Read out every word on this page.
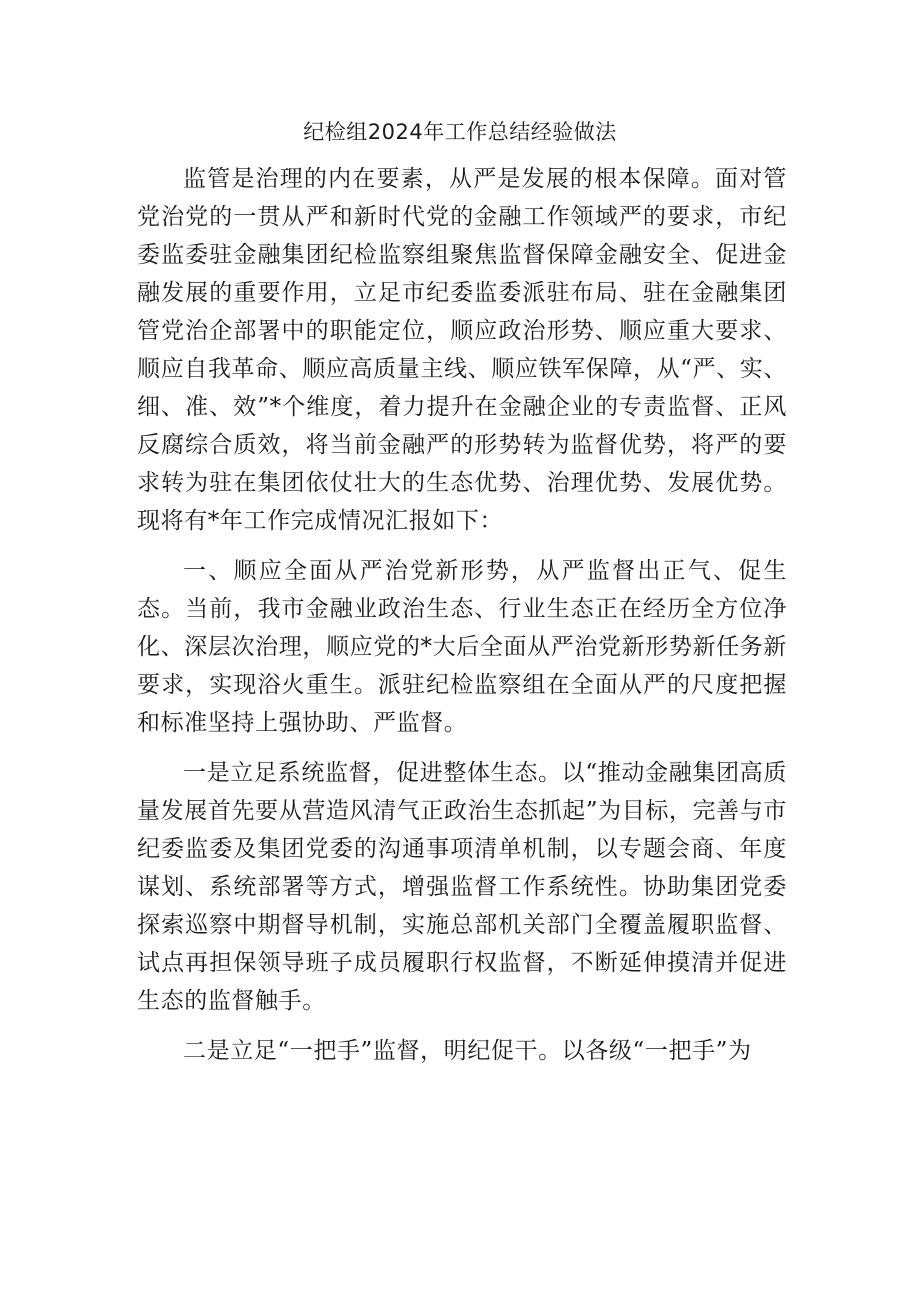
纪检组2024年工作总结经验做法

监管是治理的内在要素，从严是发展的根本保障。面对管党治党的一贯从严和新时代党的金融工作领域严的要求，市纪委监委驻金融集团纪检监察组聚焦监督保障金融安全、促进金融发展的重要作用，立足市纪委监委派驻布局、驻在金融集团管党治企部署中的职能定位，顺应政治形势、顺应重大要求、顺应自我革命、顺应高质量主线、顺应铁军保障，从“严、实、细、准、效”*个维度，着力提升在金融企业的专责监督、正风反腐综合质效，将当前金融严的形势转为监督优势，将严的要求转为驻在集团依仗壮大的生态优势、治理优势、发展优势。现将有*年工作完成情况汇报如下：

一、顺应全面从严治党新形势，从严监督出正气、促生态。当前，我市金融业政治生态、行业生态正在经历全方位净化、深层次治理，顺应党的*大后全面从严治党新形势新任务新要求，实现浴火重生。派驻纪检监察组在全面从严的尺度把握和标准坚持上强协助、严监督。

一是立足系统监督，促进整体生态。以“推动金融集团高质量发展首先要从营造风清气正政治生态抓起”为目标，完善与市纪委监委及集团党委的沟通事项清单机制，以专题会商、年度谋划、系统部署等方式，增强监督工作系统性。协助集团党委探索巡察中期督导机制，实施总部机关部门全覆盖履职监督、试点再担保领导班子成员履职行权监督，不断延伸摸清并促进生态的监督触手。

二是立足“一把手”监督，明纪促干。以各级“一把手”为
